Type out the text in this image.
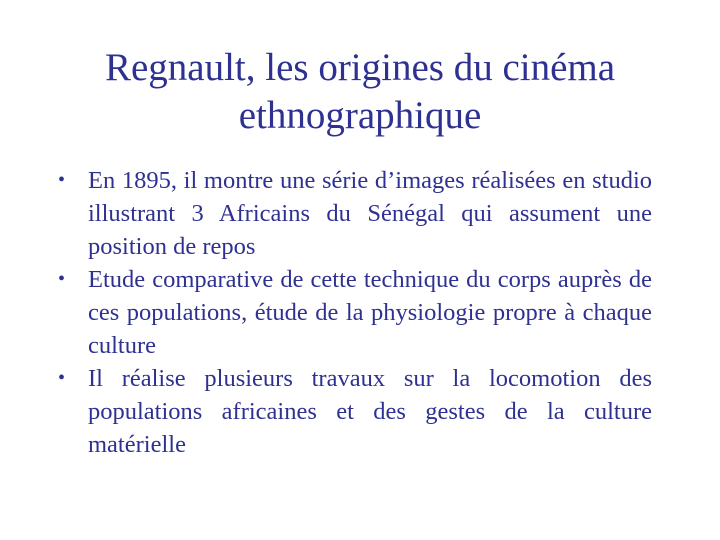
Regnault, les origines du cinéma
ethnographique
• En 1895, il montre une série d’images réalisées en studio illustrant 3 Africains du Sénégal qui assument une position de repos
• Etude comparative de cette technique du corps auprès de ces populations, étude de la physiologie propre à chaque culture
• Il réalise plusieurs travaux sur la locomotion des populations africaines et des gestes de la culture matérielle
